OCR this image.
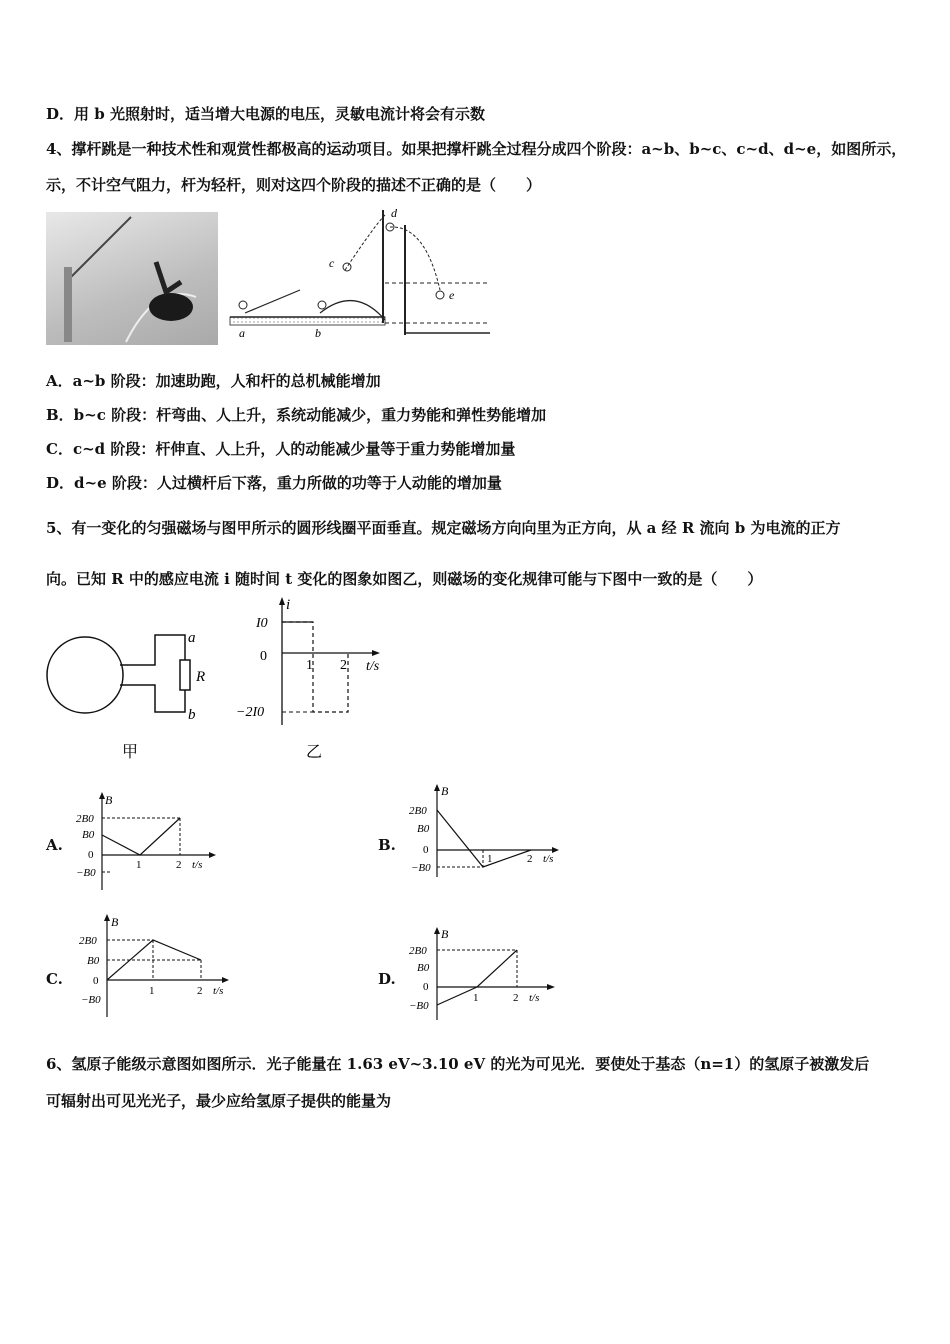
D．用 b 光照射时，适当增大电源的电压，灵敏电流计将会有示数
4、撑杆跳是一种技术性和观赏性都极高的运动项目。如果把撑杆跳全过程分成四个阶段：a~b、b~c、c~d、d~e，如图所示，
示，不计空气阻力，杆为轻杆，则对这四个阶段的描述不正确的是（　　）
a	b
c
d
e
A．a~b 阶段：加速助跑，人和杆的总机械能增加
B．b~c 阶段：杆弯曲、人上升，系统动能减少，重力势能和弹性势能增加
C．c~d 阶段：杆伸直、人上升，人的动能减少量等于重力势能增加量
D．d~e 阶段：人过横杆后下落，重力所做的功等于人动能的增加量
5、有一变化的匀强磁场与图甲所示的圆形线圈平面垂直。规定磁场方向向里为正方向，从 a 经 R 流向 b 为电流的正方
向。已知 R 中的感应电流 i 随时间 t 变化的图象如图乙，则磁场的变化规律可能与下图中一致的是（　　）
a
R
b
甲
i
I0
0
1 2 t/s
−2I0
乙
A.
B
2B0
B0
0
−B0
1	2 t/s
B.
B
2B0
B0
0
−B0
1	2 t/s
C.
B
2B0
B0
0
−B0
1	2 t/s
D.
B
2B0
B0
0
−B0
1	2 t/s
6、氢原子能级示意图如图所示．光子能量在 1.63 eV~3.10 eV 的光为可见光．要使处于基态（n=1）的氢原子被激发后
可辐射出可见光光子，最少应给氢原子提供的能量为
